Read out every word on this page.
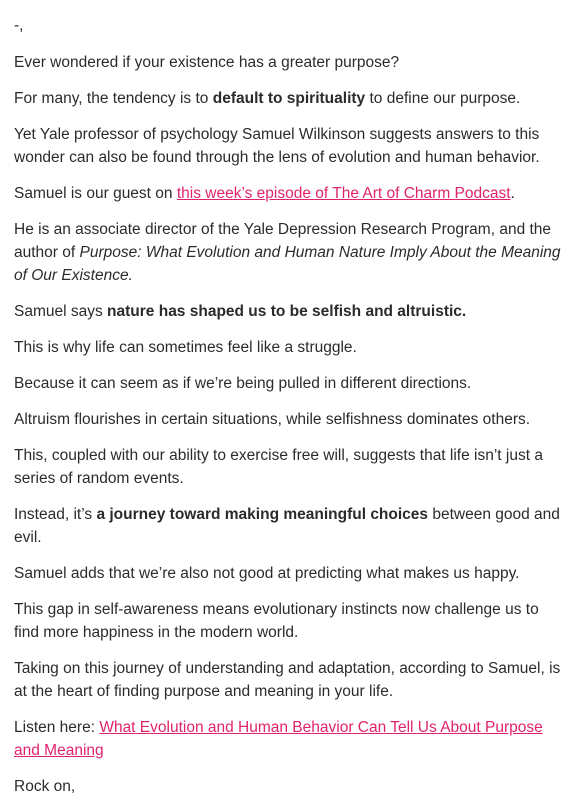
-,

Ever wondered if your existence has a greater purpose?

For many, the tendency is to default to spirituality to define our purpose.

Yet Yale professor of psychology Samuel Wilkinson suggests answers to this wonder can also be found through the lens of evolution and human behavior.

Samuel is our guest on this week’s episode of The Art of Charm Podcast.

He is an associate director of the Yale Depression Research Program, and the author of Purpose: What Evolution and Human Nature Imply About the Meaning of Our Existence.

Samuel says nature has shaped us to be selfish and altruistic.

This is why life can sometimes feel like a struggle.

Because it can seem as if we’re being pulled in different directions.

Altruism flourishes in certain situations, while selfishness dominates others.

This, coupled with our ability to exercise free will, suggests that life isn’t just a series of random events.

Instead, it’s a journey toward making meaningful choices between good and evil.

Samuel adds that we’re also not good at predicting what makes us happy.

This gap in self-awareness means evolutionary instincts now challenge us to find more happiness in the modern world.

Taking on this journey of understanding and adaptation, according to Samuel, is at the heart of finding purpose and meaning in your life.

Listen here: What Evolution and Human Behavior Can Tell Us About Purpose and Meaning

Rock on,
